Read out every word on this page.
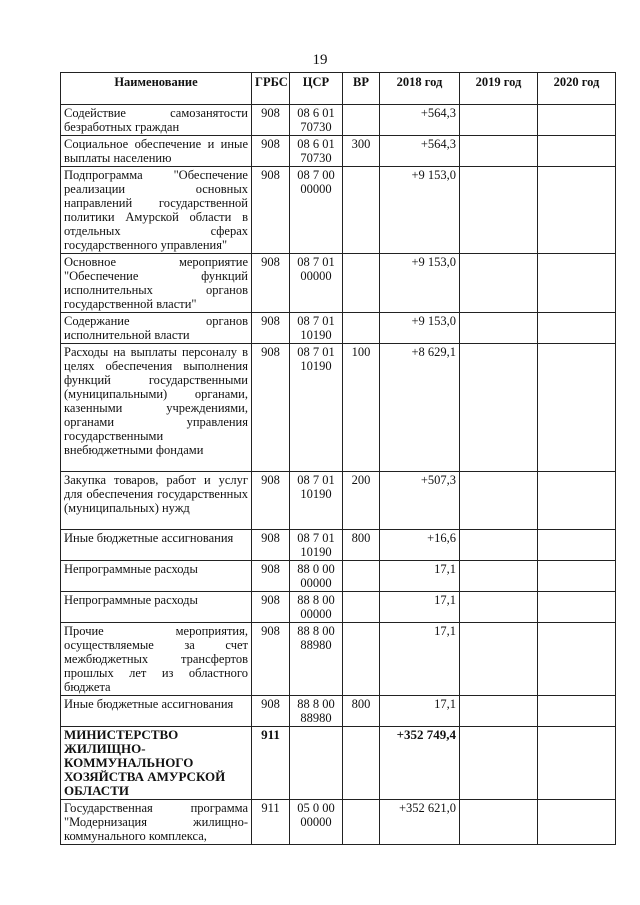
19
Наименование	ГРБС	ЦСР	ВР	2018 год	2019 год	2020 год
Содействие самозанятости безработных граждан	908	08 6 01 70730		+564,3		
Социальное обеспечение и иные выплаты населению	908	08 6 01 70730	300	+564,3		
Подпрограмма "Обеспечение реализации основных направлений государственной политики Амурской области в отдельных сферах государственного управления"	908	08 7 00 00000		+9 153,0		
Основное мероприятие "Обеспечение функций исполнительных органов государственной власти"	908	08 7 01 00000		+9 153,0		
Содержание органов исполнительной власти	908	08 7 01 10190		+9 153,0		
Расходы на выплаты персоналу в целях обеспечения выполнения функций государственными (муниципальными) органами, казенными учреждениями, органами управления государственными внебюджетными фондами	908	08 7 01 10190	100	+8 629,1		
Закупка товаров, работ и услуг для обеспечения государственных (муниципальных) нужд	908	08 7 01 10190	200	+507,3		
Иные бюджетные ассигнования	908	08 7 01 10190	800	+16,6		
Непрограммные расходы	908	88 0 00 00000		17,1		
Непрограммные расходы	908	88 8 00 00000		17,1		
Прочие мероприятия, осуществляемые за счет межбюджетных трансфертов прошлых лет из областного бюджета	908	88 8 00 88980		17,1		
Иные бюджетные ассигнования	908	88 8 00 88980	800	17,1		
МИНИСТЕРСТВО ЖИЛИЩНО-КОММУНАЛЬНОГО ХОЗЯЙСТВА АМУРСКОЙ ОБЛАСТИ	911			+352 749,4		
Государственная программа "Модернизация жилищно-коммунального комплекса,	911	05 0 00 00000		+352 621,0		
